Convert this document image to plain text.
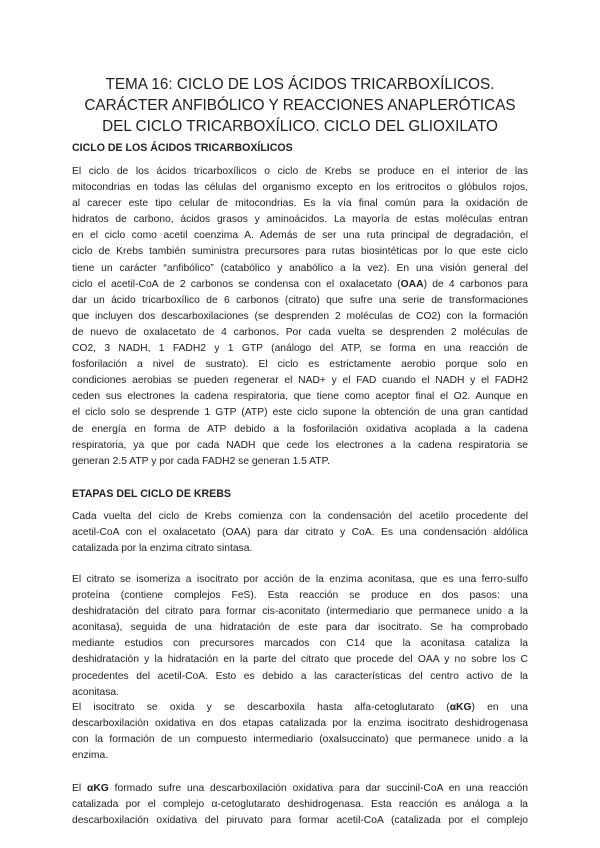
TEMA 16: CICLO DE LOS ÁCIDOS TRICARBOXÍLICOS.
CARÁCTER ANFIBÓLICO Y REACCIONES ANAPLERÓTICAS
DEL CICLO TRICARBOXÍLICO. CICLO DEL GLIOXILATO
CICLO DE LOS ÁCIDOS TRICARBOXÍLICOS

El ciclo de los ácidos tricarboxílicos o ciclo de Krebs se produce en el interior de las
mitocondrias en todas las células del organismo excepto en los eritrocitos o glóbulos rojos,
al carecer este tipo celular de mitocondrias. Es la vía final común para la oxidación de
hidratos de carbono, ácidos grasos y aminoácidos. La mayoría de estas moléculas entran
en el ciclo como acetil coenzima A. Además de ser una ruta principal de degradación, el
ciclo de Krebs también suministra precursores para rutas biosintéticas por lo que este ciclo
tiene un carácter “anfibólico” (catabólico y anabólico a la vez). En una visión general del
ciclo el acetil-CoA de 2 carbonos se condensa con el oxalacetato (OAA) de 4 carbonos para
dar un ácido tricarboxílico de 6 carbonos (citrato) que sufre una serie de transformaciones
que incluyen dos descarboxilaciones (se desprenden 2 moléculas de CO2) con la formación
de nuevo de oxalacetato de 4 carbonos. Por cada vuelta se desprenden 2 moléculas de
CO2, 3 NADH, 1 FADH2 y 1 GTP (análogo del ATP, se forma en una reacción de
fosforilación a nivel de sustrato). El ciclo es estrictamente aerobio porque solo en
condiciones aerobias se pueden regenerar el NAD+ y el FAD cuando el NADH y el FADH2
ceden sus electrones la cadena respiratoria, que tiene como aceptor final el O2. Aunque en
el ciclo solo se desprende 1 GTP (ATP) este ciclo supone la obtención de una gran cantidad
de energía en forma de ATP debido a la fosforilación oxidativa acoplada a la cadena
respiratoria, ya que por cada NADH que cede los electrones a la cadena respiratoria se
generan 2.5 ATP y por cada FADH2 se generan 1.5 ATP.

ETAPAS DEL CICLO DE KREBS

Cada vuelta del ciclo de Krebs comienza con la condensación del acetilo procedente del
acetil-CoA con el oxalacetato (OAA) para dar citrato y CoA. Es una condensación aldólica
catalizada por la enzima citrato sintasa.

El citrato se isomeriza a isocitrato por acción de la enzima aconitasa, que es una ferro-sulfo
proteína (contiene complejos FeS). Esta reacción se produce en dos pasos: una
deshidratación del citrato para formar cis-aconitato (intermediario que permanece unido a la
aconitasa), seguida de una hidratación de este para dar isocitrato. Se ha comprobado
mediante estudios con precursores marcados con C14 que la aconitasa cataliza la
deshidratación y la hidratación en la parte del citrato que procede del OAA y no sobre los C
procedentes del acetil-CoA. Esto es debido a las características del centro activo de la
aconitasa.

El isocitrato se oxida y se descarboxila hasta alfa-cetoglutarato (αKG) en una
descarboxilación oxidativa en dos etapas catalizada por la enzima isocitrato deshidrogenasa
con la formación de un compuesto intermediario (oxalsuccinato) que permanece unido a la
enzima.

El αKG formado sufre una descarboxilación oxidativa para dar succinil-CoA en una reacción
catalizada por el complejo α-cetoglutarato deshidrogenasa. Esta reacción es análoga a la
descarboxilación oxidativa del piruvato para formar acetil-CoA (catalizada por el complejo
